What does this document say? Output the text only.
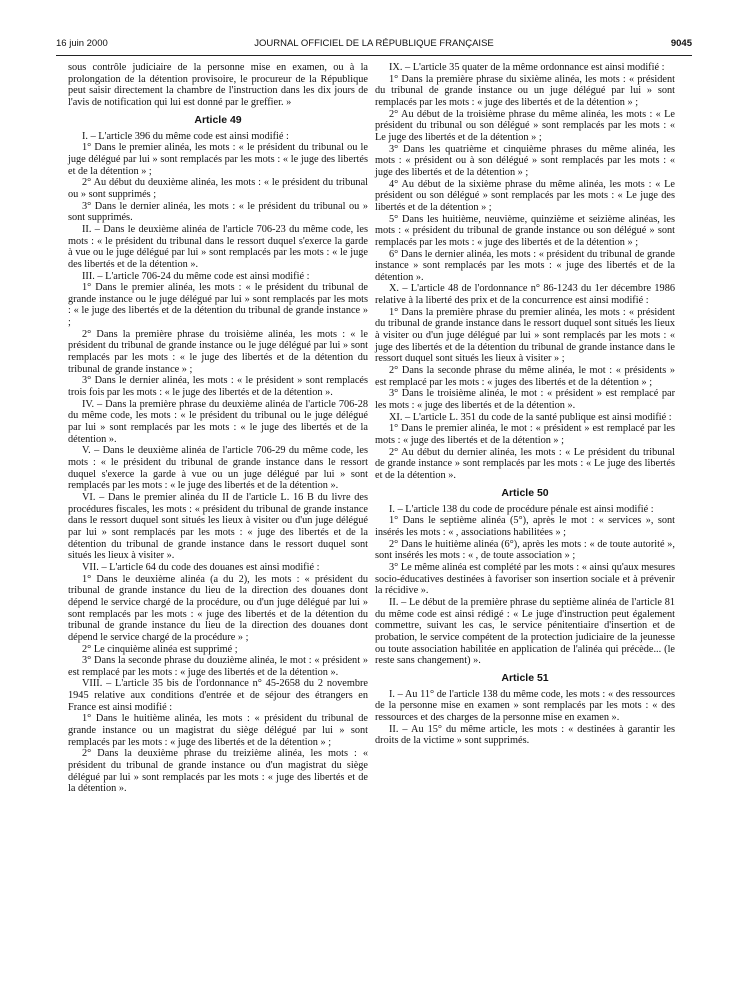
16 juin 2000	JOURNAL OFFICIEL DE LA RÉPUBLIQUE FRANÇAISE	9045

sous contrôle judiciaire de la personne mise en examen, ou à la prolongation de la détention provisoire, le procureur de la République peut saisir directement la chambre de l'instruction dans les dix jours de l'avis de notification qui lui est donné par le greffier. »

Article 49

I. – L'article 396 du même code est ainsi modifié :

1° Dans le premier alinéa, les mots : « le président du tribunal ou le juge délégué par lui » sont remplacés par les mots : « le juge des libertés et de la détention » ;

2° Au début du deuxième alinéa, les mots : « le président du tribunal ou » sont supprimés ;

3° Dans le dernier alinéa, les mots : « le président du tribunal ou » sont supprimés.

II. – Dans le deuxième alinéa de l'article 706-23 du même code, les mots : « le président du tribunal dans le ressort duquel s'exerce la garde à vue ou le juge délégué par lui » sont remplacés par les mots : « le juge des libertés et de la détention ».

III. – L'article 706-24 du même code est ainsi modifié :

1° Dans le premier alinéa, les mots : « le président du tribunal de grande instance ou le juge délégué par lui » sont remplacés par les mots : « le juge des libertés et de la détention du tribunal de grande instance » ;

2° Dans la première phrase du troisième alinéa, les mots : « le président du tribunal de grande instance ou le juge délégué par lui » sont remplacés par les mots : « le juge des libertés et de la détention du tribunal de grande instance » ;

3° Dans le dernier alinéa, les mots : « le président » sont remplacés trois fois par les mots : « le juge des libertés et de la détention ».

IV. – Dans la première phrase du deuxième alinéa de l'article 706-28 du même code, les mots : « le président du tribunal ou le juge délégué par lui » sont remplacés par les mots : « le juge des libertés et de la détention ».

V. – Dans le deuxième alinéa de l'article 706-29 du même code, les mots : « le président du tribunal de grande instance dans le ressort duquel s'exerce la garde à vue ou un juge délégué par lui » sont remplacés par les mots : « le juge des libertés et de la détention ».

VI. – Dans le premier alinéa du II de l'article L. 16 B du livre des procédures fiscales, les mots : « président du tribunal de grande instance dans le ressort duquel sont situés les lieux à visiter ou d'un juge délégué par lui » sont remplacés par les mots : « juge des libertés et de la détention du tribunal de grande instance dans le ressort duquel sont situés les lieux à visiter ».

VII. – L'article 64 du code des douanes est ainsi modifié :

1° Dans le deuxième alinéa (a du 2), les mots : « président du tribunal de grande instance du lieu de la direction des douanes dont dépend le service chargé de la procédure, ou d'un juge délégué par lui » sont remplacés par les mots : « juge des libertés et de la détention du tribunal de grande instance du lieu de la direction des douanes dont dépend le service chargé de la procédure » ;

2° Le cinquième alinéa est supprimé ;

3° Dans la seconde phrase du douzième alinéa, le mot : « président » est remplacé par les mots : « juge des libertés et de la détention ».

VIII. – L'article 35 bis de l'ordonnance n° 45-2658 du 2 novembre 1945 relative aux conditions d'entrée et de séjour des étrangers en France est ainsi modifié :

1° Dans le huitième alinéa, les mots : « président du tribunal de grande instance ou un magistrat du siège délégué par lui » sont remplacés par les mots : « juge des libertés et de la détention » ;

2° Dans la deuxième phrase du treizième alinéa, les mots : « président du tribunal de grande instance ou d'un magistrat du siège délégué par lui » sont remplacés par les mots : « juge des libertés et de la détention ».

IX. – L'article 35 quater de la même ordonnance est ainsi modifié :

1° Dans la première phrase du sixième alinéa, les mots : « président du tribunal de grande instance ou un juge délégué par lui » sont remplacés par les mots : « juge des libertés et de la détention » ;

2° Au début de la troisième phrase du même alinéa, les mots : « Le président du tribunal ou son délégué » sont remplacés par les mots : « Le juge des libertés et de la détention » ;

3° Dans les quatrième et cinquième phrases du même alinéa, les mots : « président ou à son délégué » sont remplacés par les mots : « juge des libertés et de la détention » ;

4° Au début de la sixième phrase du même alinéa, les mots : « Le président ou son délégué » sont remplacés par les mots : « Le juge des libertés et de la détention » ;

5° Dans les huitième, neuvième, quinzième et seizième alinéas, les mots : « président du tribunal de grande instance ou son délégué » sont remplacés par les mots : « juge des libertés et de la détention » ;

6° Dans le dernier alinéa, les mots : « président du tribunal de grande instance » sont remplacés par les mots : « juge des libertés et de la détention ».

X. – L'article 48 de l'ordonnance n° 86-1243 du 1er décembre 1986 relative à la liberté des prix et de la concurrence est ainsi modifié :

1° Dans la première phrase du premier alinéa, les mots : « président du tribunal de grande instance dans le ressort duquel sont situés les lieux à visiter ou d'un juge délégué par lui » sont remplacés par les mots : « juge des libertés et de la détention du tribunal de grande instance dans le ressort duquel sont situés les lieux à visiter » ;

2° Dans la seconde phrase du même alinéa, le mot : « présidents » est remplacé par les mots : « juges des libertés et de la détention » ;

3° Dans le troisième alinéa, le mot : « président » est remplacé par les mots : « juge des libertés et de la détention ».

XI. – L'article L. 351 du code de la santé publique est ainsi modifié :

1° Dans le premier alinéa, le mot : « président » est remplacé par les mots : « juge des libertés et de la détention » ;

2° Au début du dernier alinéa, les mots : « Le président du tribunal de grande instance » sont remplacés par les mots : « Le juge des libertés et de la détention ».

Article 50

I. – L'article 138 du code de procédure pénale est ainsi modifié :

1° Dans le septième alinéa (5°), après le mot : « services », sont insérés les mots : « , associations habilitées » ;

2° Dans le huitième alinéa (6°), après les mots : « de toute autorité », sont insérés les mots : « , de toute association » ;

3° Le même alinéa est complété par les mots : « ainsi qu'aux mesures socio-éducatives destinées à favoriser son insertion sociale et à prévenir la récidive ».

II. – Le début de la première phrase du septième alinéa de l'article 81 du même code est ainsi rédigé : « Le juge d'instruction peut également commettre, suivant les cas, le service pénitentiaire d'insertion et de probation, le service compétent de la protection judiciaire de la jeunesse ou toute association habilitée en application de l'alinéa qui précède... (le reste sans changement) ».

Article 51

I. – Au 11° de l'article 138 du même code, les mots : « des ressources de la personne mise en examen » sont remplacés par les mots : « des ressources et des charges de la personne mise en examen ».

II. – Au 15° du même article, les mots : « destinées à garantir les droits de la victime » sont supprimés.
